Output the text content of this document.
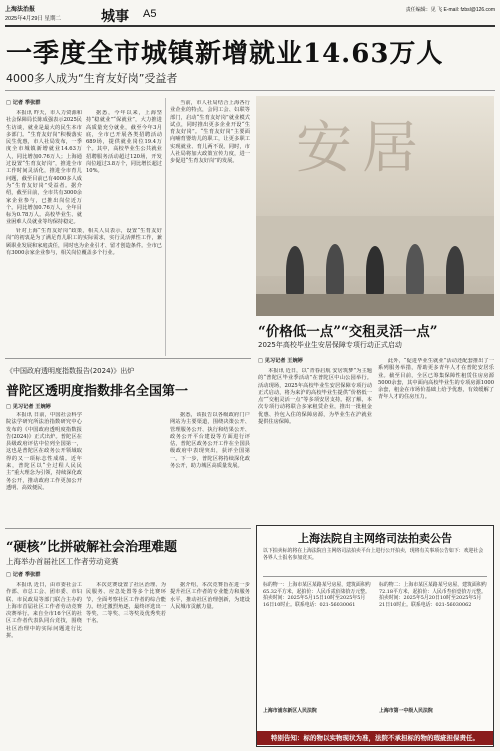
上海法治报
2025年4月29日 星期二	城事 A5	责任编辑：见 飞 E-mail: fzbsl@126.com
一季度全市城镇新增就业14.63万人
4000多人成为“生育友好岗”受益者
□ 记者 季张群

本报讯 昨天，市人力资源和社会保障局长陈成强表示2025民生访谈，就业是最大的民生本市多部门。“生育友好岗”积极落实民生优惠，市人社局发布，一季度全市城镇新增就业14.63万人，同比增加0.76万人；上海通过设置“生育友好岗”，推进全市工作时间灵活化，推进全市育儿问题，截至目前已有4000多人成为“生育友好岗”受益者。据介绍，截至目前，全市共有3000余家企业参与，已推出岗位近万个。同比增加0.76万人，全年目标为0.78万人。高校毕业生、就业困难人员就业等均保持稳定。

据悉，今年以来，上海坚持“稳就业”“保就业”，大力推进高质量充分就业，截至今年3月底，全市已开展各类招聘活动689场，提供就业岗位19.4万个。其中，高校毕业生公共就业招聘服务活动超过120场，开发岗位超过3.8万个，同比增长超过10%。

针对上海“生育友好岗”政策，相关人员表示，设置“生育友好岗”的初衷是为了满足育儿职工的实际需求，实行灵活弹性工作，兼顾职业发展和家庭责任，同时也为企业引才、留才创造条件。全市已有3000余家企业参与，相关岗位覆盖多个行业。

当前，市人社局结合上海各行业企业的特点，会同工会、妇联等部门，启动“生育友好岗”就业模式试点，同时推出更多企业开设“生育友好岗”。“生育友好岗”主要面向哺育婴幼儿的职工，让更多职工实现就业、育儿两不误。同时，市人社局将加大政策宣传力度，进一步促进“生育友好岗”的发展。 安居
“价格低一点”“交租灵活一点”
2025年高校毕业生安居保障专项行动正式启动
《中国政府透明度指数报告(2024)》出炉
普陀区透明度指数排名全国第一
□ 见习记者 王婉婷

本报讯 日前，中国社会科学院法学研究所法治指数研究中心发布的《中国政府透明度指数报告(2024)》正式出炉。普陀区在县级政府评估中位列全国第一，这也是普陀区在政务公开领域取得的又一项标志性成绩。近年来，普陀区以“全过程人民民主”重大理念为引领，持续深化政务公开，推动政府工作更加公开透明、高效便民。

据悉，该报告以各级政府门户网站为主要渠道，围绕决策公开、管理服务公开、执行和结果公开、政务公开平台建设等方面进行评估，普陀区政务公开工作在全国县级政府中表现突出，获评全国第一。下一步，普陀区将持续深化政务公开，助力城区高质量发展。

□ 见习记者 王婉婷

本报讯 近日，以“青春启航 安居筑梦”为主题的“普陀区毕业季活动”在普陀区中山公园举行。活动现场，2025年高校毕业生安居保障专项行动正式启动，将为来沪的高校毕业生提供“价格低一点”“交租灵活一点”等多项安居支持。据了解，本次专项行动将联合多家租赁企业，推出一批租金优惠、拎包入住的保障房源，为毕业生在沪就业提供住房保障。

此外，“促进毕业生就业”活动还配套推出了一系列服务举措，帮助更多青年人才在普陀安居乐业。截至目前，全区已筹集保障性租赁住房房源5000余套，其中面向高校毕业生的专项房源1000余套，租金在市场价基础上给予优惠，有效缓解了青年人才的住房压力。

“硬核”比拼破解社会治理难题
上海举办首届社区工作者劳动竞赛
□ 记者 季张群

本报讯 近日，由市委社会工作部、市总工会、团市委、市妇联、市民政局等部门联合主办的上海市首届社区工作者劳动竞赛决赛举行。来自全市16个区的社区工作者代表队同台竞技，围绕社区治理中的实际问题进行比拼。

本次竞赛设置了社区治理、为民服务、应急处置等多个比赛环节，全面考察社区工作者的综合能力。经过激烈角逐，最终评选出一等奖、二等奖、三等奖及优秀奖若干名。

据介绍，本次竞赛旨在进一步提升社区工作者的专业能力和服务水平，推动社区治理创新，为建设人民城市贡献力量。

上海法院自主网络司法拍卖公告
以下拍卖标的将在上海法院自主网络司法拍卖平台上进行公开拍卖，现将有关事项公告如下：欢迎社会各界人士报名参加竞买。
标的物一：上海市某区某路某号房屋，建筑面积约65.32平方米，起拍价：人民币贰佰柒拾万元整。拍卖时间：2025年5月15日10时至2025年5月16日10时止。联系电话：021-56030061
标的物二：上海市某区某路某号房屋，建筑面积约72.18平方米，起拍价：人民币叁佰壹拾万元整。拍卖时间：2025年5月20日10时至2025年5月21日10时止。联系电话：021-56030062
上海市浦东新区人民法院	上海市第一中级人民法院
特别告知：标的物以实物现状为准，法院不承担标的物的瑕疵担保责任。
